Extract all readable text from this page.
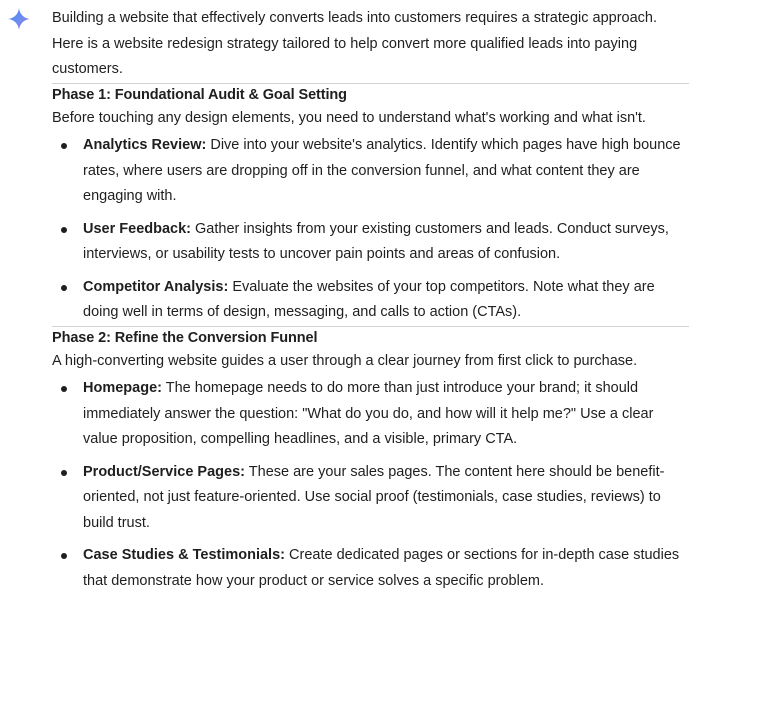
Building a website that effectively converts leads into customers requires a strategic approach. Here is a website redesign strategy tailored to help convert more qualified leads into paying customers.

Phase 1: Foundational Audit & Goal Setting

Before touching any design elements, you need to understand what's working and what isn't.

Analytics Review: Dive into your website's analytics. Identify which pages have high bounce rates, where users are dropping off in the conversion funnel, and what content they are engaging with.
User Feedback: Gather insights from your existing customers and leads. Conduct surveys, interviews, or usability tests to uncover pain points and areas of confusion.
Competitor Analysis: Evaluate the websites of your top competitors. Note what they are doing well in terms of design, messaging, and calls to action (CTAs).
Phase 2: Refine the Conversion Funnel

A high-converting website guides a user through a clear journey from first click to purchase.

Homepage: The homepage needs to do more than just introduce your brand; it should immediately answer the question: "What do you do, and how will it help me?" Use a clear value proposition, compelling headlines, and a visible, primary CTA.
Product/Service Pages: These are your sales pages. The content here should be benefit-oriented, not just feature-oriented. Use social proof (testimonials, case studies, reviews) to build trust.
Case Studies & Testimonials: Create dedicated pages or sections for in-depth case studies that demonstrate how your product or service solves a specific problem.
